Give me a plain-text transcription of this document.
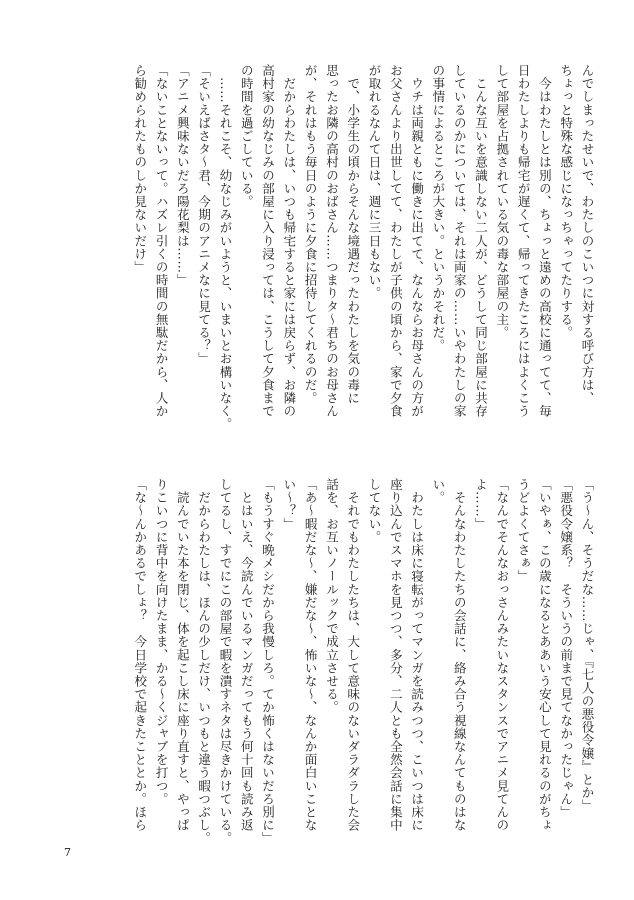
んでしまったせいで、わたしのこいつに対する呼び方は、

ちょっと特殊な感じになっちゃってたりする。

　今はわたしとは別の、ちょっと遠めの高校に通ってて、毎

日わたしよりも帰宅が遅くて、帰ってきたころにはよくこう

して部屋を占拠されている気の毒な部屋の主。

　こんな互いを意識しない二人が、どうして同じ部屋に共存

しているのかについては、それは両家の……いやわたしの家

の事情によるところが大きい。というかそれだ。

　ウチは両親ともに働きに出てて、なんならお母さんの方が

お父さんより出世してて、わたしが子供の頃から、家で夕食

が取れるなんて日は、週に三日もない。

　で、小学生の頃からそんな境遇だったわたしを気の毒に

思ったお隣の高村のおばさん……つまりタ〜君ちのお母さん

が、それはもう毎日のように夕食に招待してくれるのだ。

　だからわたしは、いつも帰宅すると家には戻らず、お隣の

高村家の幼なじみの部屋に入り浸っては、こうして夕食まで

の時間を過ごしている。

　……それこそ、幼なじみがいようと、いまいとお構いなく。

「そいえばさタ〜君、今期のアニメなに見てる？」

「アニメ興味ないだろ陽花梨は……」

「ないことないって。ハズレ引くの時間の無駄だから、人か

ら勧められたものしか見ないだけ」

「う〜ん、そうだな……じゃ、『七人の悪役令嬢』とか」

「悪役令嬢系？　そういうの前まで見てなかったじゃん」

「いやぁ、この歳になるとああいう安心して見れるのがちょ

うどよくてさぁ」

「なんでそんなおっさんみたいなスタンスでアニメ見てんの

よ……」

　そんなわたしたちの会話に、絡み合う視線なんてものはな

い。

　わたしは床に寝転がってマンガを読みつつ、こいつは床に

座り込んでスマホを見つつ、多分、二人とも全然会話に集中

してない。

　それでもわたしたちは、大して意味のないダラダラした会

話を、お互いノールックで成立させる。

「あ〜暇だな〜、嫌だな〜、怖いな〜、なんか面白いことな

い〜？」

「もうすぐ晩メシだから我慢しろ。てか怖くはないだろ別に」

　とはいえ、今読んでいるマンガだってもう何十回も読み返

してるし、すでにこの部屋で暇を潰すネタは尽きかけている。

　だからわたしは、ほんの少しだけ、いつもと違う暇つぶし。

　読んでいた本を閉じ、体を起こし床に座り直すと、やっぱ

りこいつに背中を向けたまま、かる〜くジャブを打つ。

「な〜んかあるでしょ？　今日学校で起きたこととか。ほら

7
